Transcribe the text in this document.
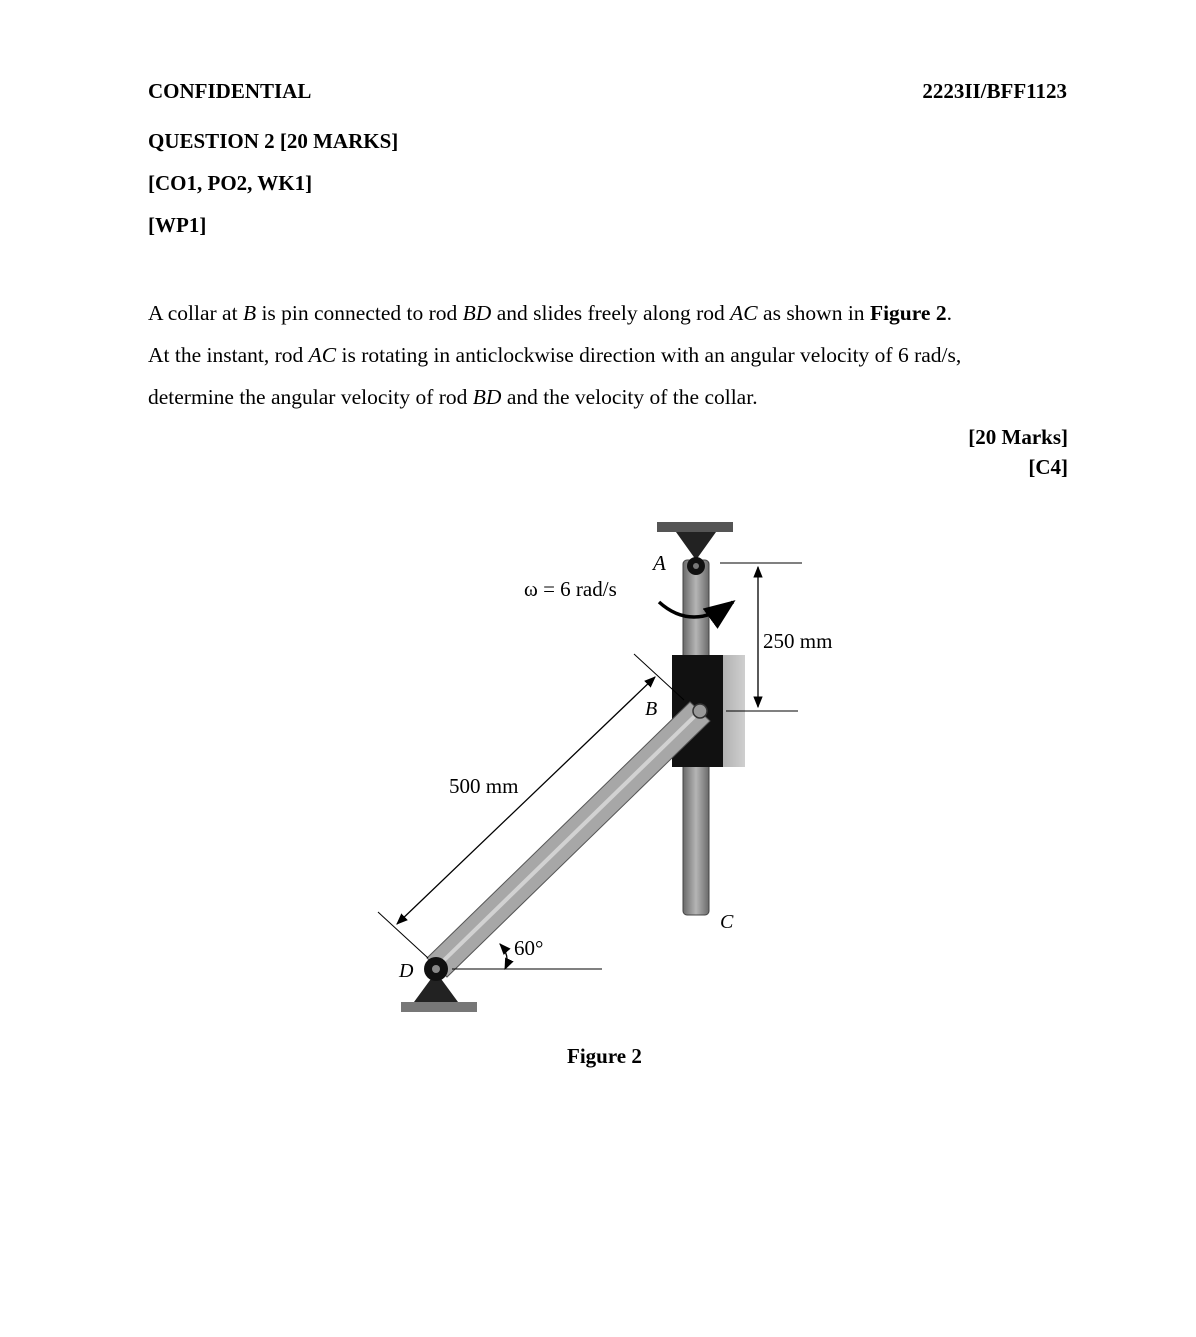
CONFIDENTIAL	2223II/BFF1123
QUESTION 2 [20 MARKS]
[CO1, PO2, WK1]
[WP1]

A collar at B is pin connected to rod BD and slides freely along rod AC as shown in Figure 2.

At the instant, rod AC is rotating in anticlockwise direction with an angular velocity of 6 rad/s,

determine the angular velocity of rod BD and the velocity of the collar.

[20 Marks]
[C4]
A
ω = 6 rad/s
250 mm
B
500 mm
C
60°
D
Figure 2
